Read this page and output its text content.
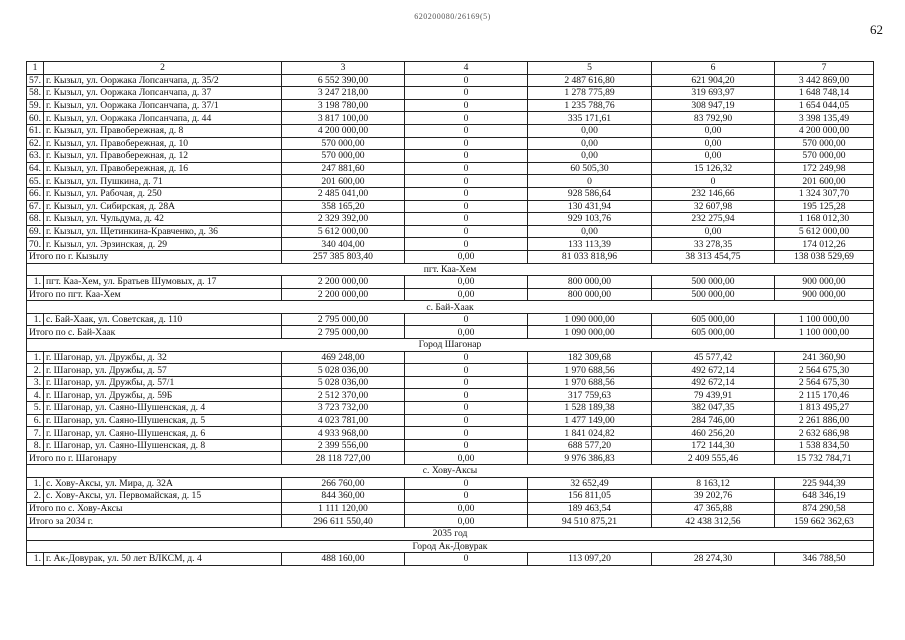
620200080/26169(5)
62
1	2	3	4	5	6	7
57.	г. Кызыл, ул. Ооржака Лопсанчапа, д. 35/2	6 552 390,00	0	2 487 616,80	621 904,20	3 442 869,00
58.	г. Кызыл, ул. Ооржака Лопсанчапа, д. 37	3 247 218,00	0	1 278 775,89	319 693,97	1 648 748,14
59.	г. Кызыл, ул. Ооржака Лопсанчапа, д. 37/1	3 198 780,00	0	1 235 788,76	308 947,19	1 654 044,05
60.	г. Кызыл, ул. Ооржака Лопсанчапа, д. 44	3 817 100,00	0	335 171,61	83 792,90	3 398 135,49
61.	г. Кызыл, ул. Правобережная, д. 8	4 200 000,00	0	0,00	0,00	4 200 000,00
62.	г. Кызыл, ул. Правобережная, д. 10	570 000,00	0	0,00	0,00	570 000,00
63.	г. Кызыл, ул. Правобережная, д. 12	570 000,00	0	0,00	0,00	570 000,00
64.	г. Кызыл, ул. Правобережная, д. 16	247 881,60	0	60 505,30	15 126,32	172 249,98
65.	г. Кызыл, ул. Пушкина, д. 71	201 600,00	0	0	0	201 600,00
66.	г. Кызыл, ул. Рабочая, д. 250	2 485 041,00	0	928 586,64	232 146,66	1 324 307,70
67.	г. Кызыл, ул. Сибирская, д. 28А	358 165,20	0	130 431,94	32 607,98	195 125,28
68.	г. Кызыл, ул. Чульдума, д. 42	2 329 392,00	0	929 103,76	232 275,94	1 168 012,30
69.	г. Кызыл, ул. Щетинкина-Кравченко, д. 36	5 612 000,00	0	0,00	0,00	5 612 000,00
70.	г. Кызыл, ул. Эрзинская, д. 29	340 404,00	0	133 113,39	33 278,35	174 012,26
Итого по г. Кызылу		257 385 803,40	0,00	81 033 818,96	38 313 454,75	138 038 529,69
пгт. Каа-Хем						
1.	пгт. Каа-Хем, ул. Братьев Шумовых, д. 17	2 200 000,00	0,00	800 000,00	500 000,00	900 000,00
Итого по пгт. Каа-Хем		2 200 000,00	0,00	800 000,00	500 000,00	900 000,00
с. Бай-Хаак						
1.	с. Бай-Хаак, ул. Советская, д. 110	2 795 000,00	0	1 090 000,00	605 000,00	1 100 000,00
Итого по с. Бай-Хаак		2 795 000,00	0,00	1 090 000,00	605 000,00	1 100 000,00
Город Шагонар						
1.	г. Шагонар, ул. Дружбы, д. 32	469 248,00	0	182 309,68	45 577,42	241 360,90
2.	г. Шагонар, ул. Дружбы, д. 57	5 028 036,00	0	1 970 688,56	492 672,14	2 564 675,30
3.	г. Шагонар, ул. Дружбы, д. 57/1	5 028 036,00	0	1 970 688,56	492 672,14	2 564 675,30
4.	г. Шагонар, ул. Дружбы, д. 59Б	2 512 370,00	0	317 759,63	79 439,91	2 115 170,46
5.	г. Шагонар, ул. Саяно-Шушенская, д. 4	3 723 732,00	0	1 528 189,38	382 047,35	1 813 495,27
6.	г. Шагонар, ул. Саяно-Шушенская, д. 5	4 023 781,00	0	1 477 149,00	284 746,00	2 261 886,00
7.	г. Шагонар, ул. Саяно-Шушенская, д. 6	4 933 968,00	0	1 841 024,82	460 256,20	2 632 686,98
8.	г. Шагонар, ул. Саяно-Шушенская, д. 8	2 399 556,00	0	688 577,20	172 144,30	1 538 834,50
Итого по г. Шагонару		28 118 727,00	0,00	9 976 386,83	2 409 555,46	15 732 784,71
с. Хову-Аксы						
1.	с. Хову-Аксы, ул. Мира, д. 32А	266 760,00	0	32 652,49	8 163,12	225 944,39
2.	с. Хову-Аксы, ул. Первомайская, д. 15	844 360,00	0	156 811,05	39 202,76	648 346,19
Итого по с. Хову-Аксы		1 111 120,00	0,00	189 463,54	47 365,88	874 290,58
Итого за 2034 г.		296 611 550,40	0,00	94 510 875,21	42 438 312,56	159 662 362,63
2035 год						
Город Ак-Довурак						
1.	г. Ак-Довурак, ул. 50 лет ВЛКСМ, д. 4	488 160,00	0	113 097,20	28 274,30	346 788,50
